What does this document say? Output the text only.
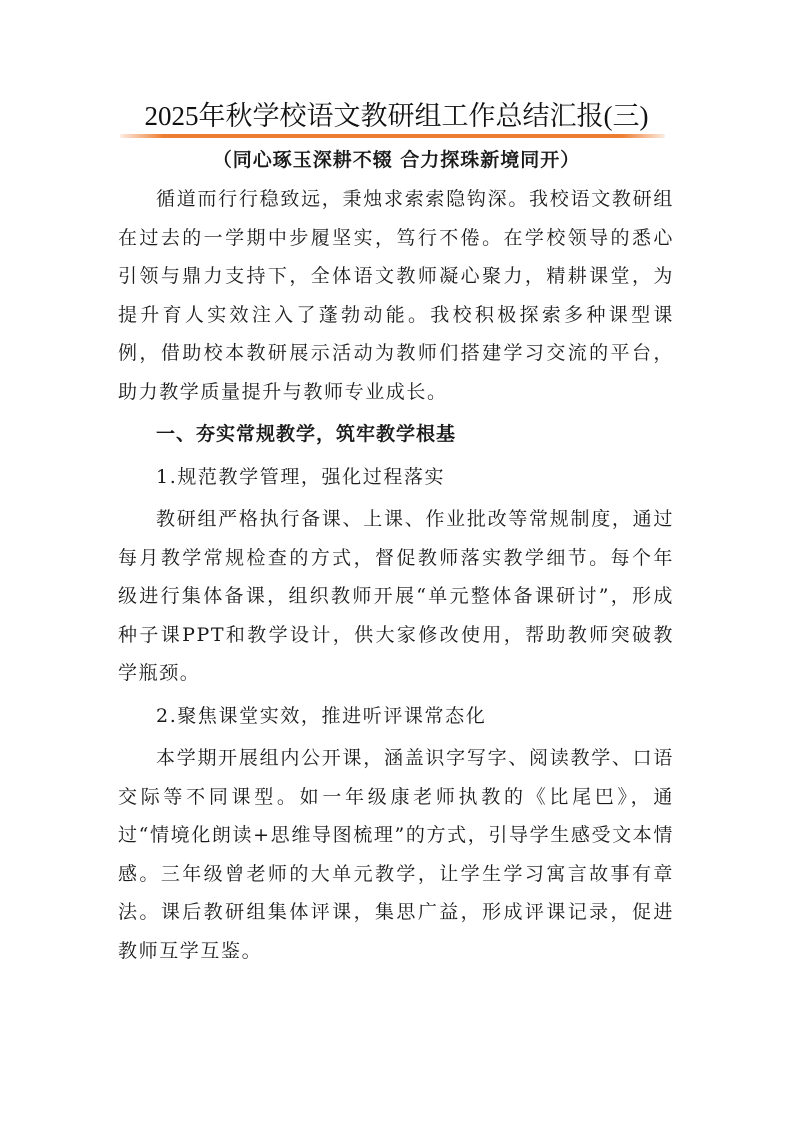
2025年秋学校语文教研组工作总结汇报(三)
（同心琢玉深耕不辍 合力探珠新境同开）

循道而行行稳致远，秉烛求索索隐钩深。我校语文教研组在过去的一学期中步履坚实，笃行不倦。在学校领导的悉心引领与鼎力支持下，全体语文教师凝心聚力，精耕课堂，为提升育人实效注入了蓬勃动能。我校积极探索多种课型课例，借助校本教研展示活动为教师们搭建学习交流的平台，助力教学质量提升与教师专业成长。

一、夯实常规教学，筑牢教学根基

1.规范教学管理，强化过程落实

教研组严格执行备课、上课、作业批改等常规制度，通过每月教学常规检查的方式，督促教师落实教学细节。每个年级进行集体备课，组织教师开展“单元整体备课研讨”，形成种子课PPT和教学设计，供大家修改使用，帮助教师突破教学瓶颈。

2.聚焦课堂实效，推进听评课常态化

本学期开展组内公开课，涵盖识字写字、阅读教学、口语交际等不同课型。如一年级康老师执教的《比尾巴》，通过“情境化朗读+思维导图梳理”的方式，引导学生感受文本情感。三年级曾老师的大单元教学，让学生学习寓言故事有章法。课后教研组集体评课，集思广益，形成评课记录，促进教师互学互鉴。
